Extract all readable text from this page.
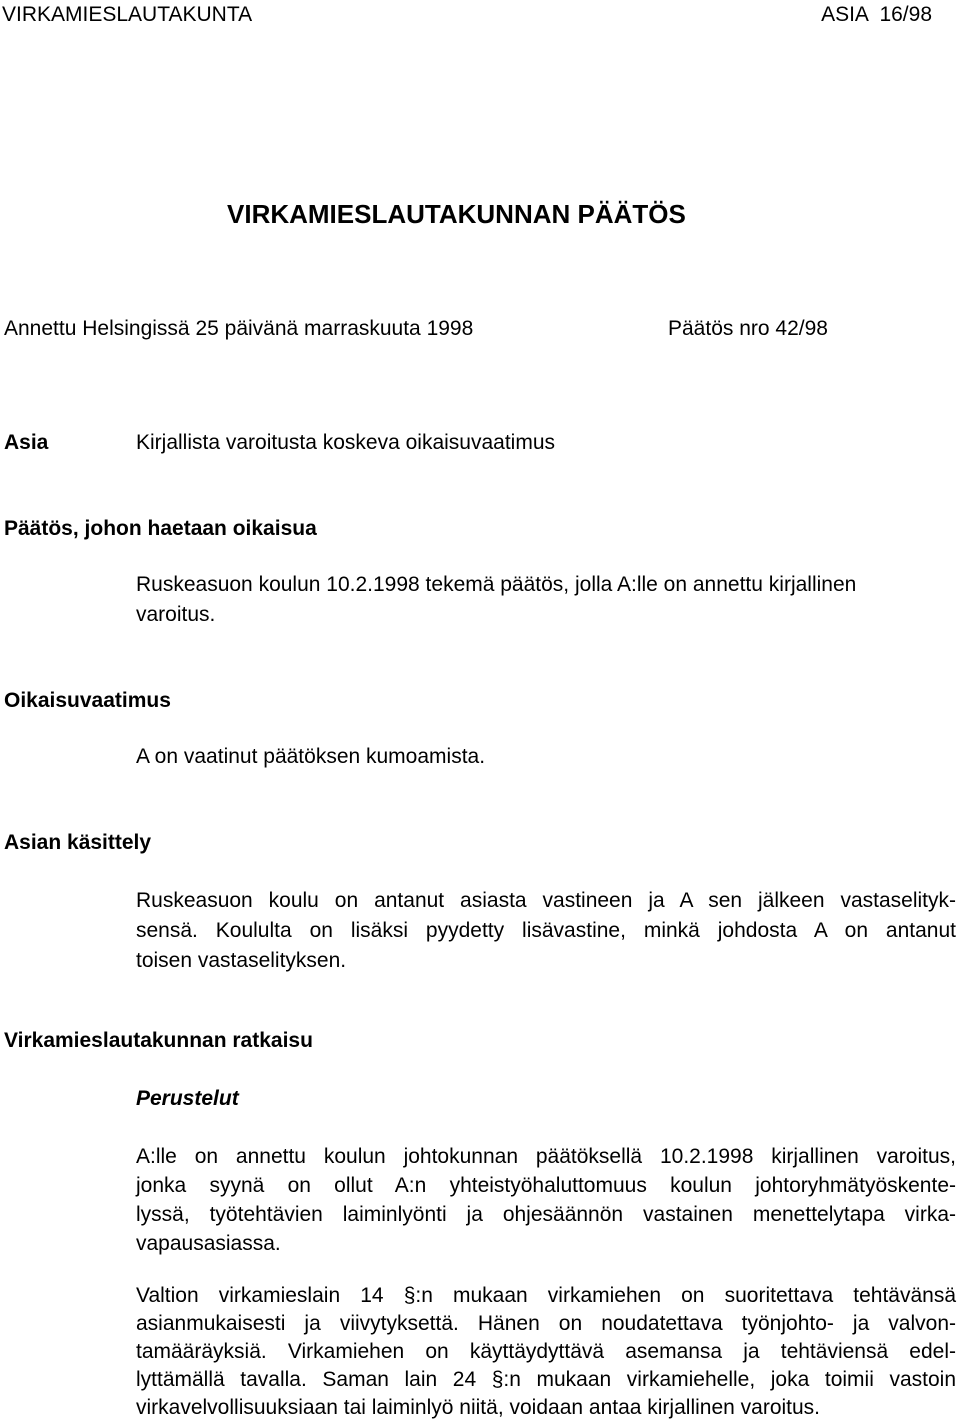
VIRKAMIESLAUTAKUNTA	ASIA  16/98
VIRKAMIESLAUTAKUNNAN PÄÄTÖS
Annettu Helsingissä 25 päivänä marraskuuta 1998	Päätös nro 42/98
Asia	Kirjallista varoitusta koskeva oikaisuvaatimus
Päätös, johon haetaan oikaisua
Ruskeasuon koulun 10.2.1998 tekemä päätös, jolla A:lle on annettu kirjallinen
varoitus.
Oikaisuvaatimus
A on vaatinut päätöksen kumoamista.
Asian käsittely
Ruskeasuon koulu on antanut asiasta vastineen ja A sen jälkeen vastaselityk-
sensä. Koululta on lisäksi pyydetty lisävastine, minkä johdosta A on antanut
toisen vastaselityksen.
Virkamieslautakunnan ratkaisu
Perustelut
A:lle on annettu koulun johtokunnan päätöksellä 10.2.1998 kirjallinen varoitus,
jonka syynä on ollut A:n yhteistyöhaluttomuus koulun johtoryhmätyöskente-
lyssä, työtehtävien laiminlyönti ja ohjesäännön vastainen menettelytapa virka-
vapausasiassa.
Valtion virkamieslain 14 §:n mukaan virkamiehen on suoritettava tehtävänsä
asianmukaisesti ja viivytyksettä. Hänen on noudatettava työnjohto- ja valvon-
tamääräyksiä. Virkamiehen on käyttäydyttävä asemansa ja tehtäviensä edel-
lyttämällä tavalla. Saman lain 24 §:n mukaan virkamiehelle, joka toimii vastoin
virkavelvollisuuksiaan tai laiminlyö niitä, voidaan antaa kirjallinen varoitus.
